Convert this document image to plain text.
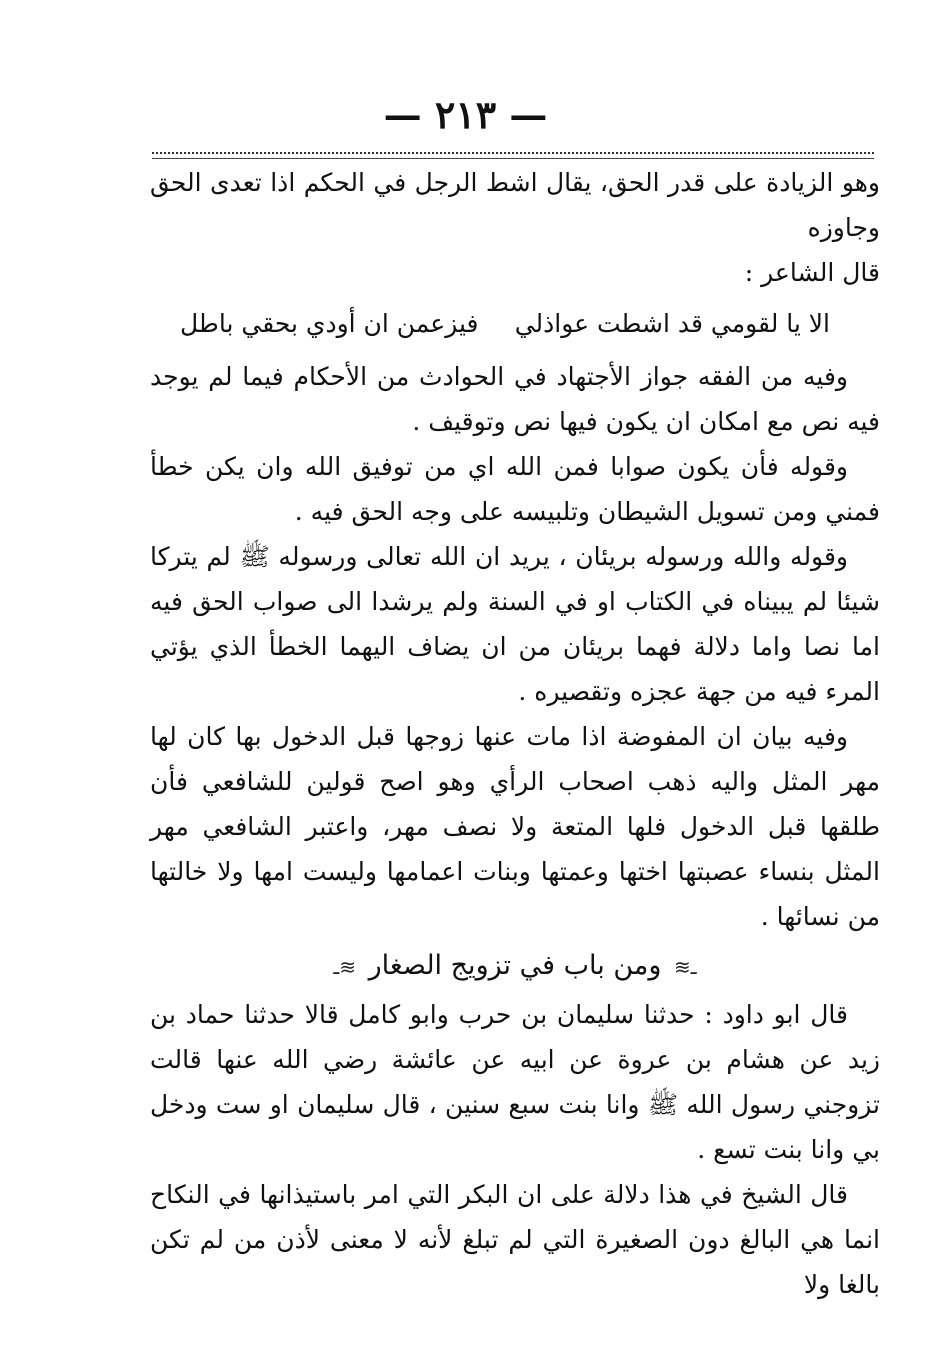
— ٢١٣ —

وهو الزيادة على قدر الحق، يقال اشط الرجل في الحكم اذا تعدى الحق وجاوزه

قال الشاعر :

الا يا لقومي قد اشطت عواذلي
فيزعمن ان أودي بحقي باطل

وفيه من الفقه جواز الأجتهاد في الحوادث من الأحكام فيما لم يوجد فيه نص مع امكان ان يكون فيها نص وتوقيف .

وقوله فأن يكون صوابا فمن الله اي من توفيق الله وان يكن خطأ فمني ومن تسويل الشيطان وتلبيسه على وجه الحق فيه .

وقوله والله ورسوله بريئان ، يريد ان الله تعالى ورسوله ﷺ لم يتركا شيئا لم يبيناه في الكتاب او في السنة ولم يرشدا الى صواب الحق فيه اما نصا واما دلالة فهما بريئان من ان يضاف اليهما الخطأ الذي يؤتي المرء فيه من جهة عجزه وتقصيره .

وفيه بيان ان المفوضة اذا مات عنها زوجها قبل الدخول بها كان لها مهر المثل واليه ذهب اصحاب الرأي وهو اصح قولين للشافعي فأن طلقها قبل الدخول فلها المتعة ولا نصف مهر، واعتبر الشافعي مهر المثل بنساء عصبتها اختها وعمتها وبنات اعمامها وليست امها ولا خالتها من نسائها .

ـ≋ ومن باب في تزويج الصغار ≋ـ

قال ابو داود : حدثنا سليمان بن حرب وابو كامل قالا حدثنا حماد بن زيد عن هشام بن عروة عن ابيه عن عائشة رضي الله عنها قالت تزوجني رسول الله ﷺ وانا بنت سبع سنين ، قال سليمان او ست ودخل بي وانا بنت تسع .

قال الشيخ في هذا دلالة على ان البكر التي امر باستيذانها في النكاح انما هي البالغ دون الصغيرة التي لم تبلغ لأنه لا معنى لأذن من لم تكن بالغا ولا
